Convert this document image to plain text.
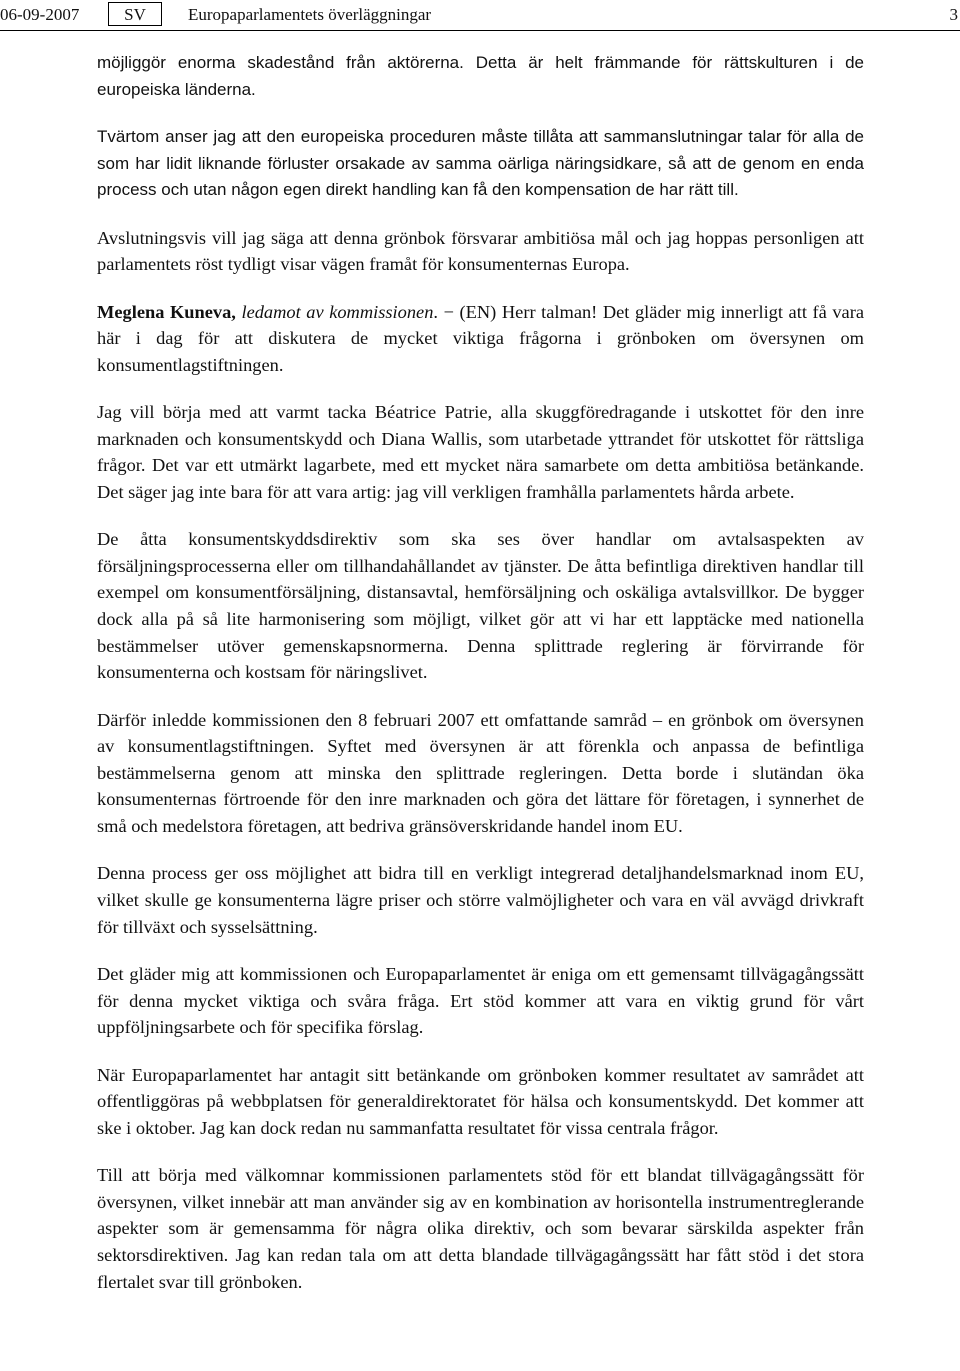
06-09-2007	SV	Europaparlamentets överläggningar	3

möjliggör enorma skadestånd från aktörerna. Detta är helt främmande för rättskulturen i de europeiska länderna.

Tvärtom anser jag att den europeiska proceduren måste tillåta att sammanslutningar talar för alla de som har lidit liknande förluster orsakade av samma oärliga näringsidkare, så att de genom en enda process och utan någon egen direkt handling kan få den kompensation de har rätt till.

Avslutningsvis vill jag säga att denna grönbok försvarar ambitiösa mål och jag hoppas personligen att parlamentets röst tydligt visar vägen framåt för konsumenternas Europa.

Meglena Kuneva, ledamot av kommissionen. − (EN) Herr talman! Det gläder mig innerligt att få vara här i dag för att diskutera de mycket viktiga frågorna i grönboken om översynen om konsumentlagstiftningen.

Jag vill börja med att varmt tacka Béatrice Patrie, alla skuggföredragande i utskottet för den inre marknaden och konsumentskydd och Diana Wallis, som utarbetade yttrandet för utskottet för rättsliga frågor. Det var ett utmärkt lagarbete, med ett mycket nära samarbete om detta ambitiösa betänkande. Det säger jag inte bara för att vara artig: jag vill verkligen framhålla parlamentets hårda arbete.

De åtta konsumentskyddsdirektiv som ska ses över handlar om avtalsaspekten av försäljningsprocesserna eller om tillhandahållandet av tjänster. De åtta befintliga direktiven handlar till exempel om konsumentförsäljning, distansavtal, hemförsäljning och oskäliga avtalsvillkor. De bygger dock alla på så lite harmonisering som möjligt, vilket gör att vi har ett lapptäcke med nationella bestämmelser utöver gemenskapsnormerna. Denna splittrade reglering är förvirrande för konsumenterna och kostsam för näringslivet.

Därför inledde kommissionen den 8 februari 2007 ett omfattande samråd – en grönbok om översynen av konsumentlagstiftningen. Syftet med översynen är att förenkla och anpassa de befintliga bestämmelserna genom att minska den splittrade regleringen. Detta borde i slutändan öka konsumenternas förtroende för den inre marknaden och göra det lättare för företagen, i synnerhet de små och medelstora företagen, att bedriva gränsöverskridande handel inom EU.

Denna process ger oss möjlighet att bidra till en verkligt integrerad detaljhandelsmarknad inom EU, vilket skulle ge konsumenterna lägre priser och större valmöjligheter och vara en väl avvägd drivkraft för tillväxt och sysselsättning.

Det gläder mig att kommissionen och Europaparlamentet är eniga om ett gemensamt tillvägagångssätt för denna mycket viktiga och svåra fråga. Ert stöd kommer att vara en viktig grund för vårt uppföljningsarbete och för specifika förslag.

När Europaparlamentet har antagit sitt betänkande om grönboken kommer resultatet av samrådet att offentliggöras på webbplatsen för generaldirektoratet för hälsa och konsumentskydd. Det kommer att ske i oktober. Jag kan dock redan nu sammanfatta resultatet för vissa centrala frågor.

Till att börja med välkomnar kommissionen parlamentets stöd för ett blandat tillvägagångssätt för översynen, vilket innebär att man använder sig av en kombination av horisontella instrumentreglerande aspekter som är gemensamma för några olika direktiv, och som bevarar särskilda aspekter från sektorsdirektiven. Jag kan redan tala om att detta blandade tillvägagångssätt har fått stöd i det stora flertalet svar till grönboken.
